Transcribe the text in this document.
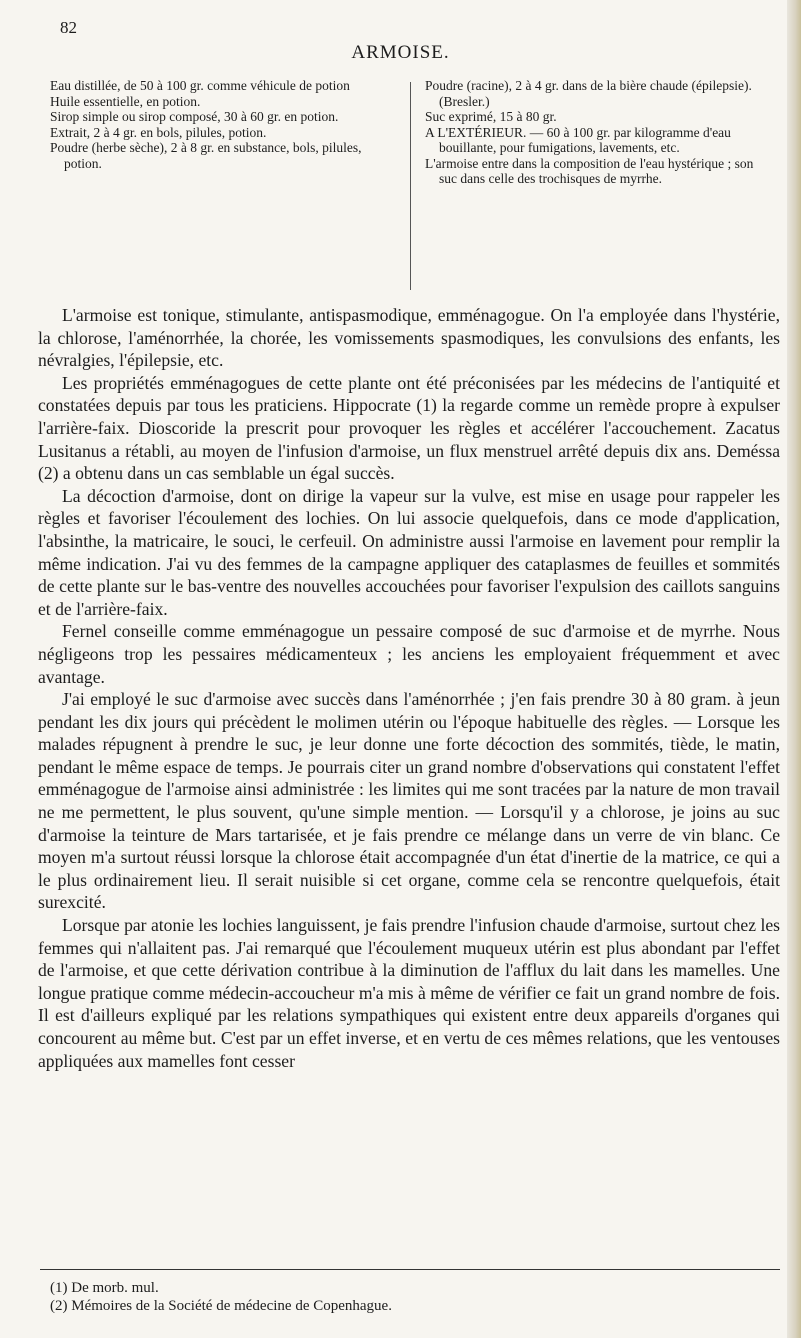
82
ARMOISE.

Eau distillée, de 50 à 100 gr. comme véhicule de potion

Huile essentielle, en potion.

Sirop simple ou sirop composé, 30 à 60 gr. en potion.

Extrait, 2 à 4 gr. en bols, pilules, potion.

Poudre (herbe sèche), 2 à 8 gr. en substance, bols, pilules, potion.

Poudre (racine), 2 à 4 gr. dans de la bière chaude (épilepsie). (Bresler.)

Suc exprimé, 15 à 80 gr.

A L'EXTÉRIEUR. — 60 à 100 gr. par kilogramme d'eau bouillante, pour fumigations, lavements, etc.

L'armoise entre dans la composition de l'eau hystérique ; son suc dans celle des trochisques de myrrhe.

L'armoise est tonique, stimulante, antispasmodique, emménagogue. On l'a employée dans l'hystérie, la chlorose, l'aménorrhée, la chorée, les vomissements spasmodiques, les convulsions des enfants, les névralgies, l'épilepsie, etc.

Les propriétés emménagogues de cette plante ont été préconisées par les médecins de l'antiquité et constatées depuis par tous les praticiens. Hippocrate (1) la regarde comme un remède propre à expulser l'arrière-faix. Dioscoride la prescrit pour provoquer les règles et accélérer l'accouchement. Zacatus Lusitanus a rétabli, au moyen de l'infusion d'armoise, un flux menstruel arrêté depuis dix ans. Deméssa (2) a obtenu dans un cas semblable un égal succès.

La décoction d'armoise, dont on dirige la vapeur sur la vulve, est mise en usage pour rappeler les règles et favoriser l'écoulement des lochies. On lui associe quelquefois, dans ce mode d'application, l'absinthe, la matricaire, le souci, le cerfeuil. On administre aussi l'armoise en lavement pour remplir la même indication. J'ai vu des femmes de la campagne appliquer des cataplasmes de feuilles et sommités de cette plante sur le bas-ventre des nouvelles accouchées pour favoriser l'expulsion des caillots sanguins et de l'arrière-faix.

Fernel conseille comme emménagogue un pessaire composé de suc d'armoise et de myrrhe. Nous négligeons trop les pessaires médicamenteux ; les anciens les employaient fréquemment et avec avantage.

J'ai employé le suc d'armoise avec succès dans l'aménorrhée ; j'en fais prendre 30 à 80 gram. à jeun pendant les dix jours qui précèdent le molimen utérin ou l'époque habituelle des règles. — Lorsque les malades répugnent à prendre le suc, je leur donne une forte décoction des sommités, tiède, le matin, pendant le même espace de temps. Je pourrais citer un grand nombre d'observations qui constatent l'effet emménagogue de l'armoise ainsi administrée : les limites qui me sont tracées par la nature de mon travail ne me permettent, le plus souvent, qu'une simple mention. — Lorsqu'il y a chlorose, je joins au suc d'armoise la teinture de Mars tartarisée, et je fais prendre ce mélange dans un verre de vin blanc. Ce moyen m'a surtout réussi lorsque la chlorose était accompagnée d'un état d'inertie de la matrice, ce qui a le plus ordinairement lieu. Il serait nuisible si cet organe, comme cela se rencontre quelquefois, était surexcité.

Lorsque par atonie les lochies languissent, je fais prendre l'infusion chaude d'armoise, surtout chez les femmes qui n'allaitent pas. J'ai remarqué que l'écoulement muqueux utérin est plus abondant par l'effet de l'armoise, et que cette dérivation contribue à la diminution de l'afflux du lait dans les mamelles. Une longue pratique comme médecin-accoucheur m'a mis à même de vérifier ce fait un grand nombre de fois. Il est d'ailleurs expliqué par les relations sympathiques qui existent entre deux appareils d'organes qui concourent au même but. C'est par un effet inverse, et en vertu de ces mêmes relations, que les ventouses appliquées aux mamelles font cesser

(1) De morb. mul.

(2) Mémoires de la Société de médecine de Copenhague.
